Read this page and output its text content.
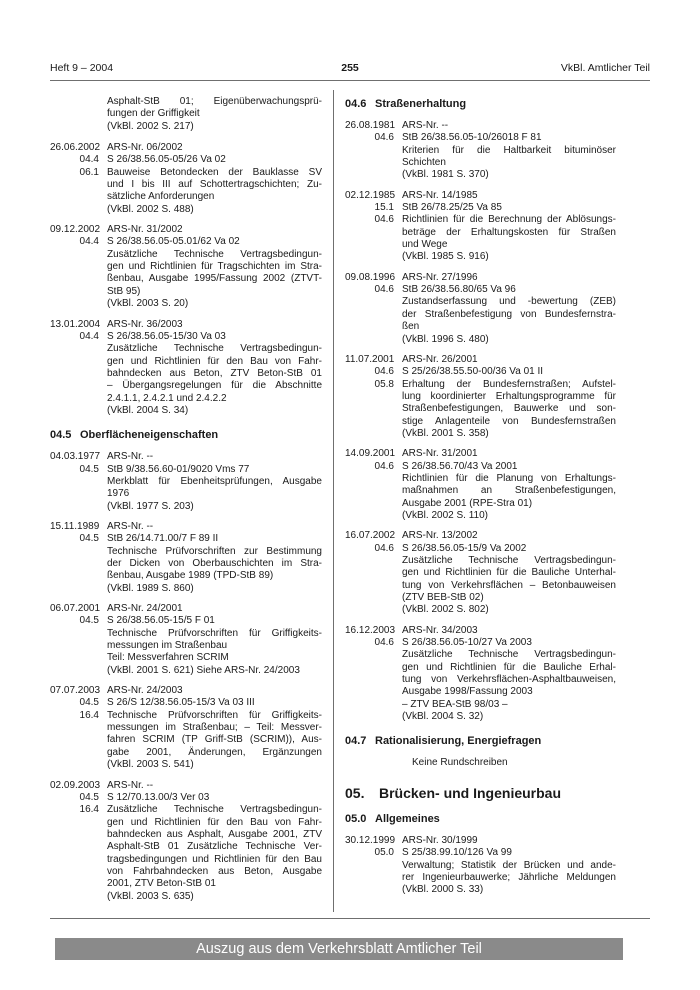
Heft 9 – 2004	255	VkBl. Amtlicher Teil
Asphalt-StB 01; Eigenüberwachungsprü-
fungen der Griffigkeit
(VkBl. 2002 S. 217)
26.06.2002
04.4
06.1
ARS-Nr. 06/2002
S 26/38.56.05-05/26 Va 02
Bauweise Betondecken der Bauklasse SV
und I bis III auf Schottertragschichten; Zu-
sätzliche Anforderungen
(VkBl. 2002 S. 488)
09.12.2002
04.4
ARS-Nr. 31/2002
S 26/38.56.05-05.01/62 Va 02
Zusätzliche Technische Vertragsbedingun-
gen und Richtlinien für Tragschichten im Stra-
ßenbau, Ausgabe 1995/Fassung 2002 (ZTVT-
StB 95)
(VkBl. 2003 S. 20)
13.01.2004
04.4
ARS-Nr. 36/2003
S 26/38.56.05-15/30 Va 03
Zusätzliche Technische Vertragsbedingun-
gen und Richtlinien für den Bau von Fahr-
bahndecken aus Beton, ZTV Beton-StB 01
– Übergangsregelungen für die Abschnitte
2.4.1.1, 2.4.2.1 und 2.4.2.2
(VkBl. 2004 S. 34)
04.5 Oberflächeneigenschaften
04.03.1977
04.5
ARS-Nr. --
StB 9/38.56.60-01/9020 Vms 77
Merkblatt für Ebenheitsprüfungen, Ausgabe
1976
(VkBl. 1977 S. 203)
15.11.1989
04.5
ARS-Nr. --
StB 26/14.71.00/7 F 89 II
Technische Prüfvorschriften zur Bestimmung
der Dicken von Oberbauschichten im Stra-
ßenbau, Ausgabe 1989 (TPD-StB 89)
(VkBl. 1989 S. 860)
06.07.2001
04.5
ARS-Nr. 24/2001
S 26/38.56.05-15/5 F 01
Technische Prüfvorschriften für Griffigkeits-
messungen im Straßenbau
Teil: Messverfahren SCRIM
(VkBl. 2001 S. 621) Siehe ARS-Nr. 24/2003
07.07.2003
04.5
16.4
ARS-Nr. 24/2003
S 26/S 12/38.56.05-15/3 Va 03 III
Technische Prüfvorschriften für Griffigkeits-
messungen im Straßenbau; – Teil: Messver-
fahren SCRIM (TP Griff-StB (SCRIM)), Aus-
gabe 2001, Änderungen, Ergänzungen
(VkBl. 2003 S. 541)
02.09.2003
04.5
16.4
ARS-Nr. --
S 12/70.13.00/3 Ver 03
Zusätzliche Technische Vertragsbedingun-
gen und Richtlinien für den Bau von Fahr-
bahndecken aus Asphalt, Ausgabe 2001, ZTV
Asphalt-StB 01 Zusätzliche Technische Ver-
tragsbedingungen und Richtlinien für den Bau
von Fahrbahndecken aus Beton, Ausgabe
2001, ZTV Beton-StB 01
(VkBl. 2003 S. 635)
04.6 Straßenerhaltung
26.08.1981
04.6
ARS-Nr. --
StB 26/38.56.05-10/26018 F 81
Kriterien für die Haltbarkeit bituminöser
Schichten
(VkBl. 1981 S. 370)
02.12.1985
15.1
04.6
ARS-Nr. 14/1985
StB 26/78.25/25 Va 85
Richtlinien für die Berechnung der Ablösungs-
beträge der Erhaltungskosten für Straßen
und Wege
(VkBl. 1985 S. 916)
09.08.1996
04.6
ARS-Nr. 27/1996
StB 26/38.56.80/65 Va 96
Zustandserfassung und -bewertung (ZEB)
der Straßenbefestigung von Bundesfernstra-
ßen
(VkBl. 1996 S. 480)
11.07.2001
04.6
05.8
ARS-Nr. 26/2001
S 25/26/38.55.50-00/36 Va 01 II
Erhaltung der Bundesfernstraßen; Aufstel-
lung koordinierter Erhaltungsprogramme für
Straßenbefestigungen, Bauwerke und son-
stige Anlagenteile von Bundesfernstraßen
(VkBl. 2001 S. 358)
14.09.2001
04.6
ARS-Nr. 31/2001
S 26/38.56.70/43 Va 2001
Richtlinien für die Planung von Erhaltungs-
maßnahmen an Straßenbefestigungen,
Ausgabe 2001 (RPE-Stra 01)
(VkBl. 2002 S. 110)
16.07.2002
04.6
ARS-Nr. 13/2002
S 26/38.56.05-15/9 Va 2002
Zusätzliche Technische Vertragsbedingun-
gen und Richtlinien für die Bauliche Unterhal-
tung von Verkehrsflächen – Betonbauweisen
(ZTV BEB-StB 02)
(VkBl. 2002 S. 802)
16.12.2003
04.6
ARS-Nr. 34/2003
S 26/38.56.05-10/27 Va 2003
Zusätzliche Technische Vertragsbedingun-
gen und Richtlinien für die Bauliche Erhal-
tung von Verkehrsflächen-Asphaltbauweisen,
Ausgabe 1998/Fassung 2003
– ZTV BEA-StB 98/03 –
(VkBl. 2004 S. 32)
04.7 Rationalisierung, Energiefragen
Keine Rundschreiben
05. Brücken- und Ingenieurbau
05.0 Allgemeines
30.12.1999
05.0
ARS-Nr. 30/1999
S 25/38.99.10/126 Va 99
Verwaltung; Statistik der Brücken und ande-
rer Ingenieurbauwerke; Jährliche Meldungen
(VkBl. 2000 S. 33)
Auszug aus dem Verkehrsblatt Amtlicher Teil
